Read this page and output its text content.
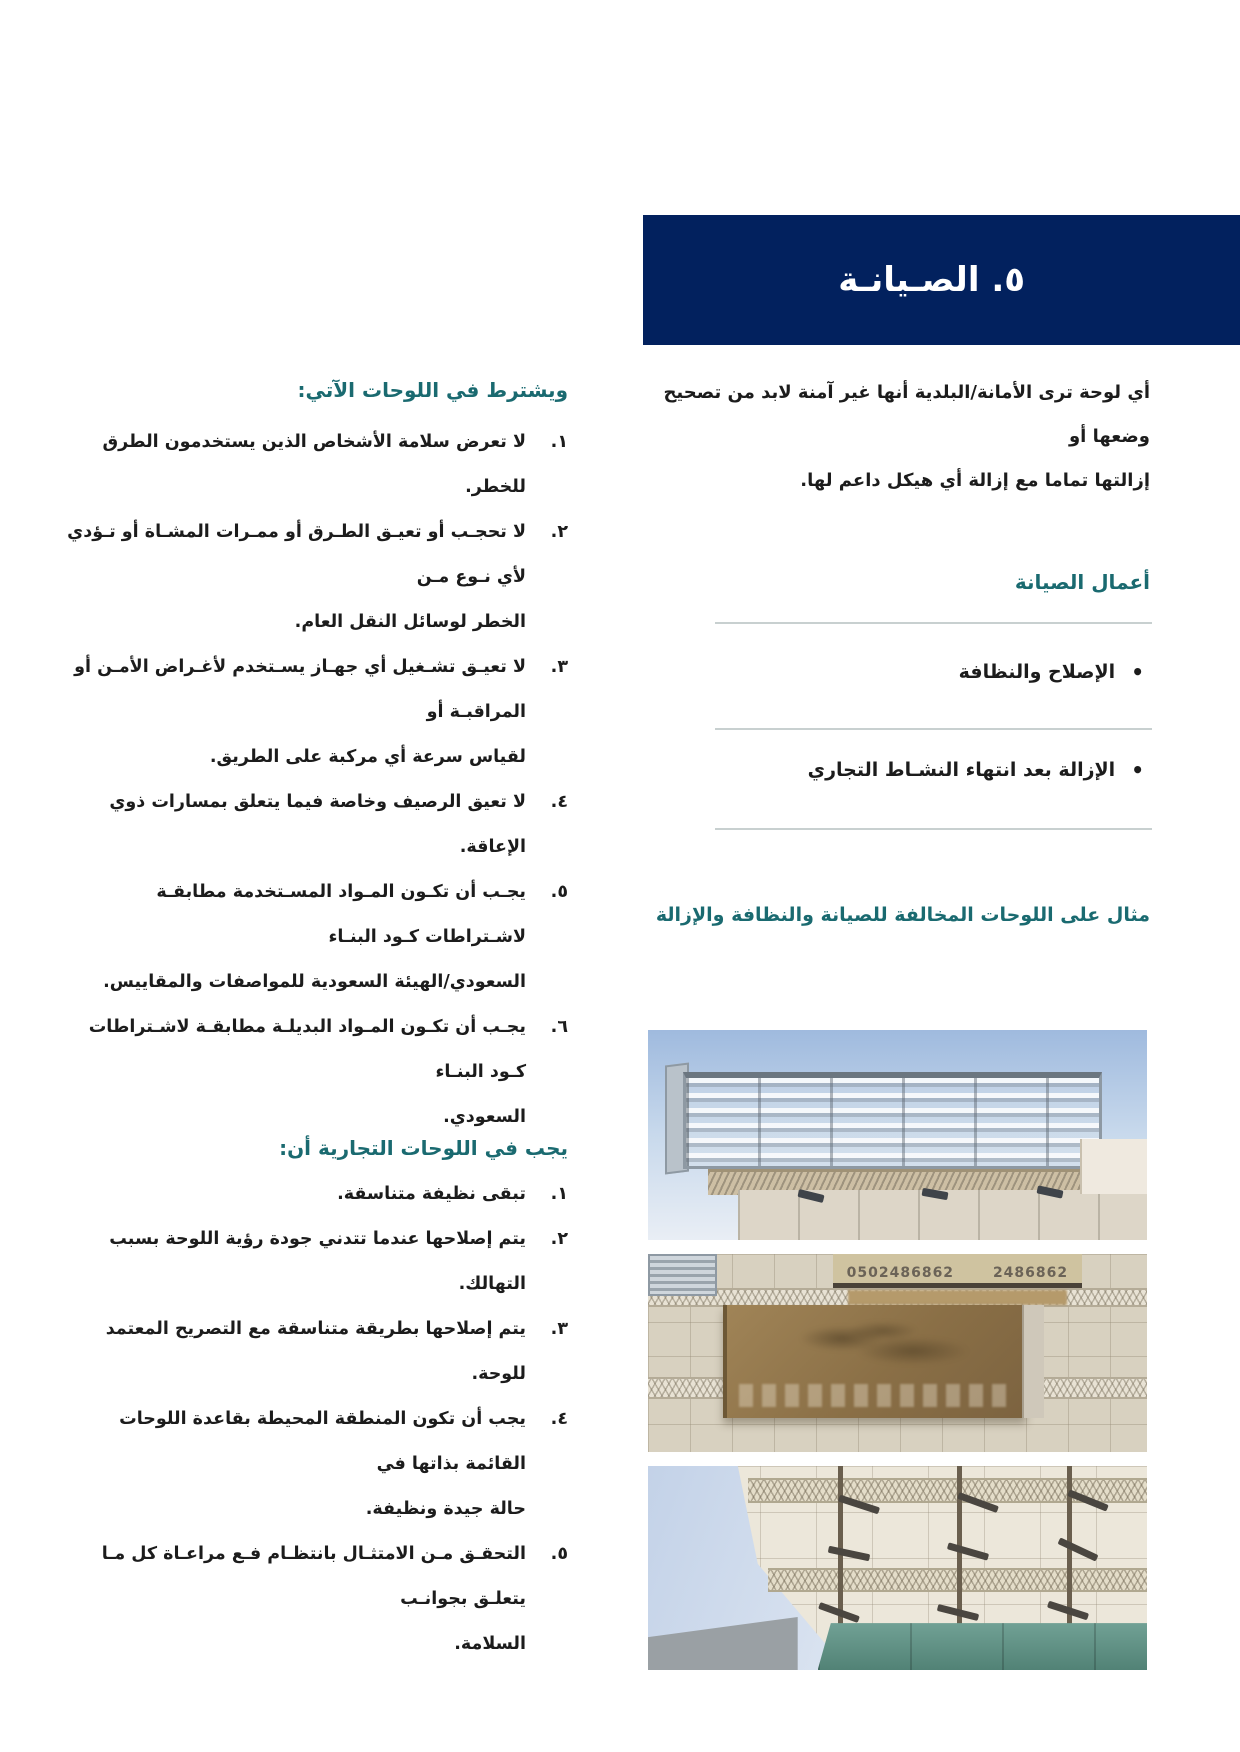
٥. الصـيانـة
أي لوحة ترى الأمانة/البلدية أنها غير آمنة لابد من تصحيح وضعها أو
إزالتها تماما مع إزالة أي هيكل داعم لها.
أعمال الصيانة
•
الإصلاح والنظافة
•
الإزالة بعد انتهاء النشـاط التجاري
مثال على اللوحات المخالفة للصيانة والنظافة والإزالة
ويشترط في اللوحات الآتي:
١.
لا تعرض سلامة الأشخاص الذين يستخدمون الطرق للخطر.
٢.
لا تحجـب أو تعيـق الطـرق أو ممـرات المشـاة أو تـؤدي لأي نـوع مـن
الخطر لوسائل النقل العام.
٣.
لا تعيـق تشـغيل أي جهـاز يسـتخدم لأغـراض الأمـن أو المراقبـة أو
لقياس سرعة أي مركبة على الطريق.
٤.
لا تعيق الرصيف وخاصة فيما يتعلق بمسارات ذوي الإعاقة.
٥.
يجـب أن تكـون المـواد المسـتخدمة مطابقـة لاشـتراطات كـود البنـاء
السعودي/الهيئة السعودية للمواصفات والمقاييس.
٦.
يجـب أن تكـون المـواد البديلـة مطابقـة لاشـتراطات كـود البنـاء
السعودي.
يجب في اللوحات التجارية أن:
١.
تبقى نظيفة متناسقة.
٢.
يتم إصلاحها عندما تتدني جودة رؤية اللوحة بسبب التهالك.
٣.
يتم إصلاحها بطريقة متناسقة مع التصريح المعتمد للوحة.
٤.
يجب أن تكون المنطقة المحيطة بقاعدة اللوحات القائمة بذاتها في
حالة جيدة ونظيفة.
٥.
التحقـق مـن الامتثـال بانتظـام فـع مراعـاة كل مـا يتعلـق بجوانـب
السلامة.
0502486862	2486862
